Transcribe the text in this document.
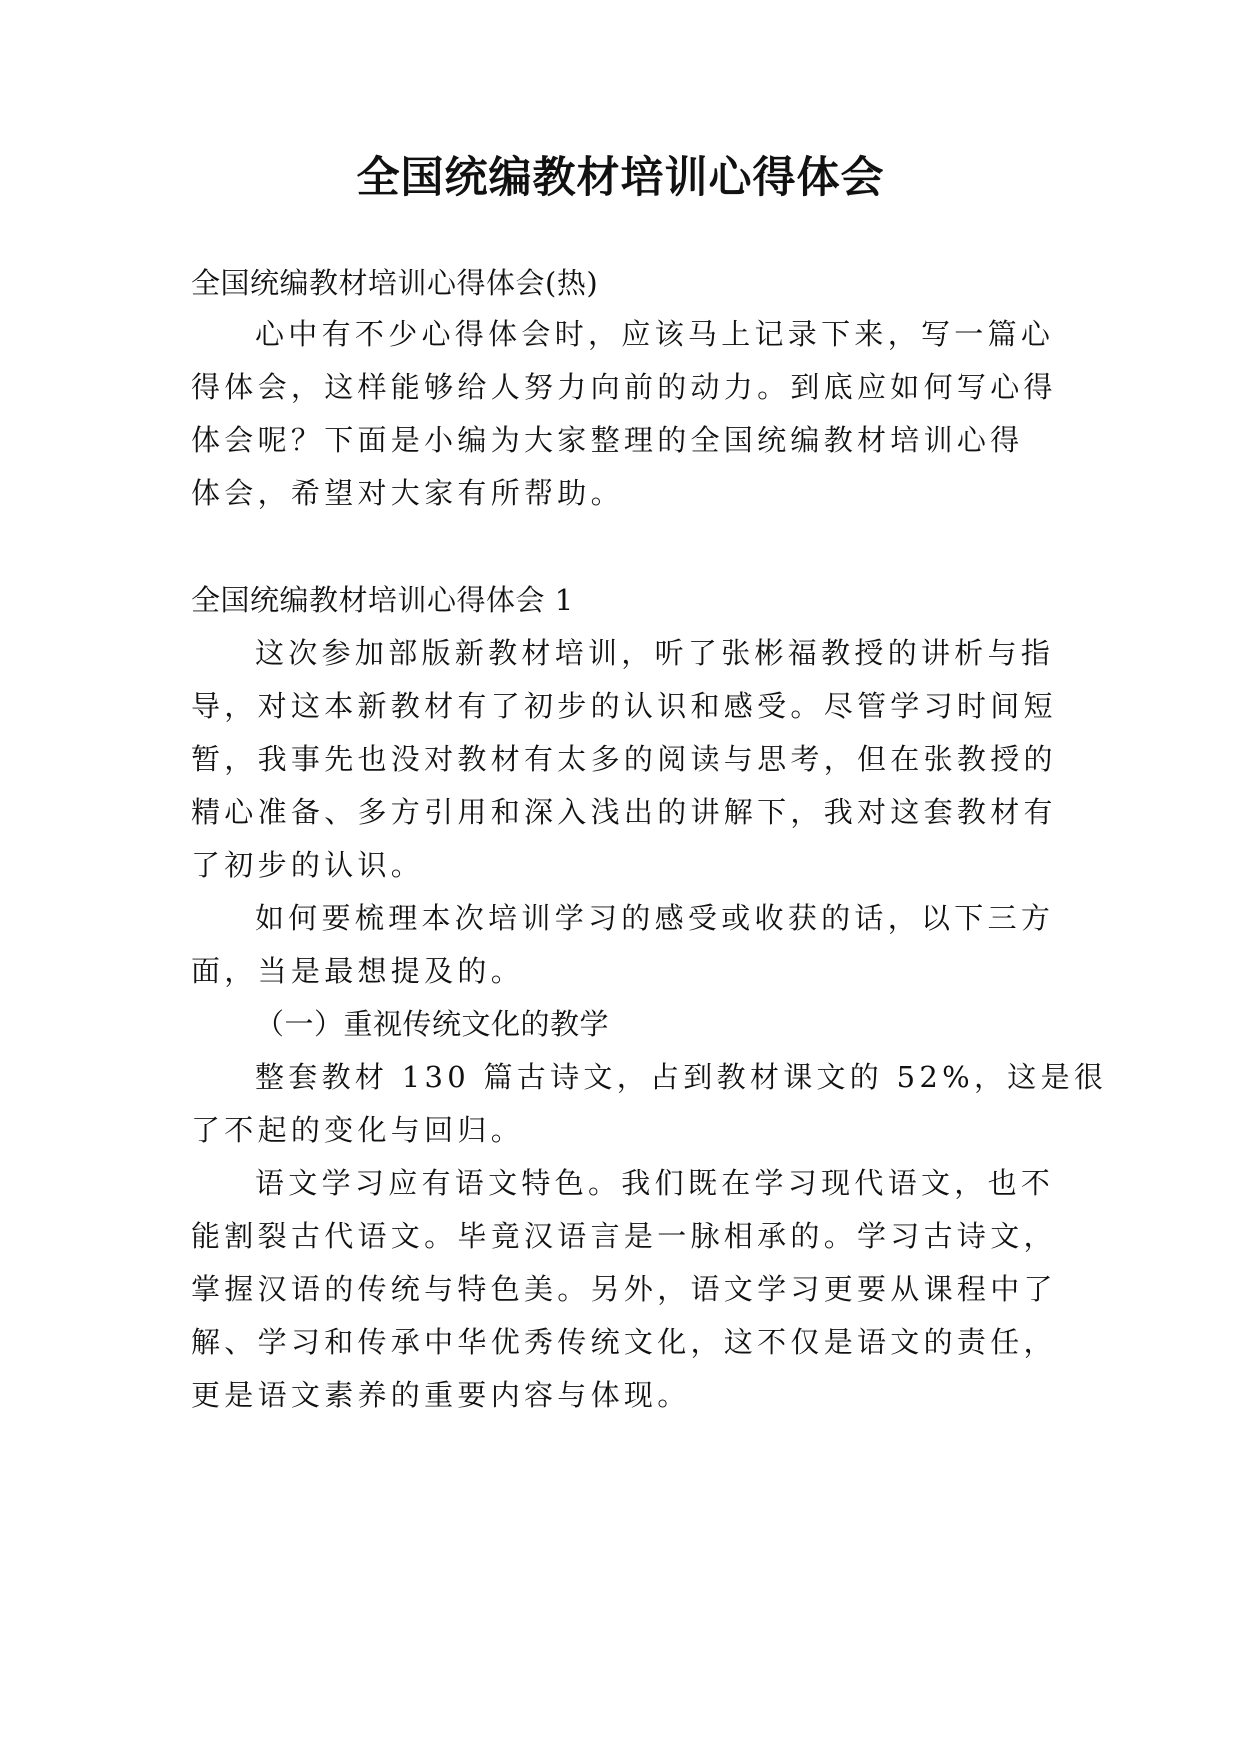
全国统编教材培训心得体会
全国统编教材培训心得体会(热)
心中有不少心得体会时，应该马上记录下来，写一篇心
得体会，这样能够给人努力向前的动力。到底应如何写心得
体会呢？下面是小编为大家整理的全国统编教材培训心得
体会，希望对大家有所帮助。
全国统编教材培训心得体会 1
这次参加部版新教材培训，听了张彬福教授的讲析与指
导，对这本新教材有了初步的认识和感受。尽管学习时间短
暂，我事先也没对教材有太多的阅读与思考，但在张教授的
精心准备、多方引用和深入浅出的讲解下，我对这套教材有
了初步的认识。
如何要梳理本次培训学习的感受或收获的话，以下三方
面，当是最想提及的。
（一）重视传统文化的教学
整套教材 130 篇古诗文，占到教材课文的 52%，这是很
了不起的变化与回归。
语文学习应有语文特色。我们既在学习现代语文，也不
能割裂古代语文。毕竟汉语言是一脉相承的。学习古诗文，
掌握汉语的传统与特色美。另外，语文学习更要从课程中了
解、学习和传承中华优秀传统文化，这不仅是语文的责任，
更是语文素养的重要内容与体现。
